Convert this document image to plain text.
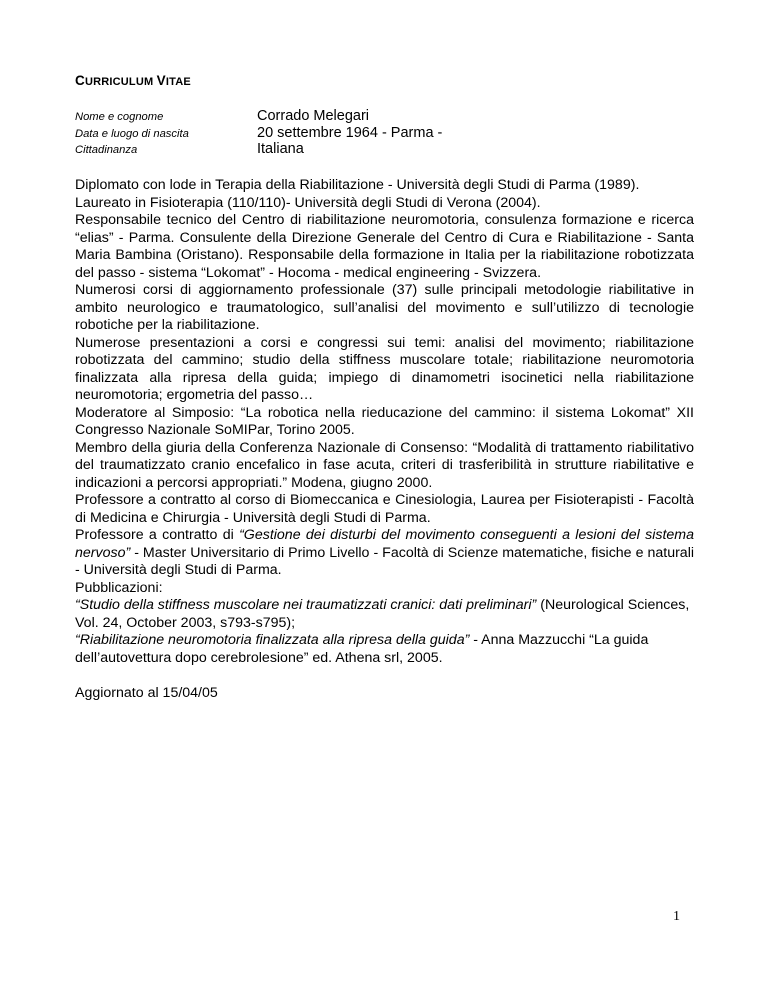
CURRICULUM VITAE
Nome e cognome	Corrado Melegari
Data e luogo di nascita	20 settembre 1964 - Parma -
Cittadinanza	Italiana

Diplomato con lode in Terapia della Riabilitazione - Università degli Studi di Parma (1989).

Laureato in Fisioterapia (110/110)- Università degli Studi di Verona (2004).

Responsabile tecnico del Centro di riabilitazione neuromotoria, consulenza formazione e ricerca “elias” - Parma. Consulente della Direzione Generale del Centro di Cura e Riabilitazione - Santa Maria Bambina (Oristano). Responsabile della formazione in Italia per la riabilitazione robotizzata del passo - sistema “Lokomat” - Hocoma - medical engineering - Svizzera.

Numerosi corsi di aggiornamento professionale (37) sulle principali metodologie riabilitative in ambito neurologico e traumatologico, sull’analisi del movimento e sull’utilizzo di tecnologie robotiche per la riabilitazione.

Numerose presentazioni a corsi e congressi sui temi: analisi del movimento; riabilitazione robotizzata del cammino; studio della stiffness muscolare totale; riabilitazione neuromotoria finalizzata alla ripresa della guida; impiego di dinamometri isocinetici nella riabilitazione neuromotoria; ergometria del passo…

Moderatore al Simposio: “La robotica nella rieducazione del cammino: il sistema Lokomat” XII Congresso Nazionale SoMIPar, Torino 2005.

Membro della giuria della Conferenza Nazionale di Consenso: “Modalità di trattamento riabilitativo del traumatizzato cranio encefalico in fase acuta, criteri di trasferibilità in strutture riabilitative e indicazioni a percorsi appropriati.” Modena, giugno 2000.

Professore a contratto al corso di Biomeccanica e Cinesiologia, Laurea per Fisioterapisti - Facoltà di Medicina e Chirurgia - Università degli Studi di Parma.

Professore a contratto di “Gestione dei disturbi del movimento conseguenti a lesioni del sistema nervoso” - Master Universitario di Primo Livello - Facoltà di Scienze matematiche, fisiche e naturali - Università degli Studi di Parma.

Pubblicazioni:

“Studio della stiffness muscolare nei traumatizzati cranici: dati preliminari” (Neurological Sciences, Vol. 24, October 2003, s793-s795);

“Riabilitazione neuromotoria finalizzata alla ripresa della guida” - Anna Mazzucchi “La guida dell’autovettura dopo cerebrolesione” ed. Athena srl, 2005.

Aggiornato al 15/04/05

1
